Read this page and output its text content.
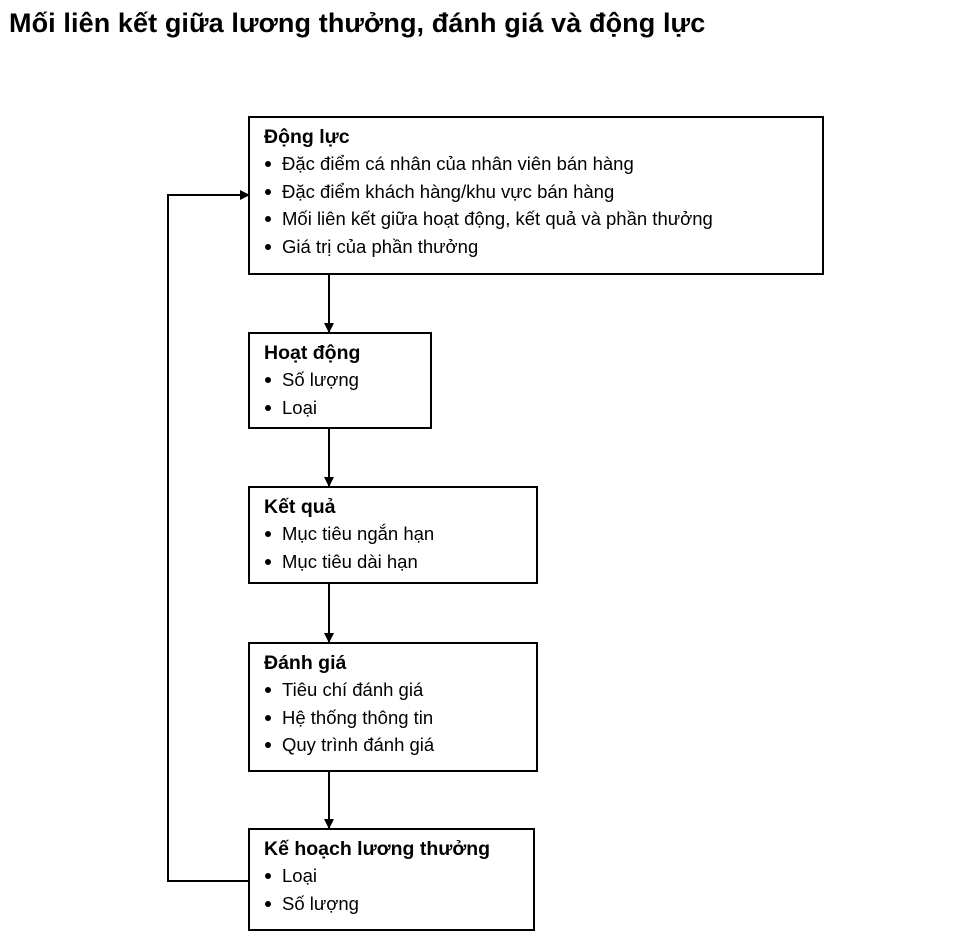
Mối liên kết giữa lương thưởng, đánh giá và động lực
Động lực
Đặc điểm cá nhân của nhân viên bán hàng
Đặc điểm khách hàng/khu vực bán hàng
Mối liên kết giữa hoạt động, kết quả và phần thưởng
Giá trị của phần thưởng
Hoạt động
Số lượng
Loại
Kết quả
Mục tiêu ngắn hạn
Mục tiêu dài hạn
Đánh giá
Tiêu chí đánh giá
Hệ thống thông tin
Quy trình đánh giá
Kế hoạch lương thưởng
Loại
Số lượng
